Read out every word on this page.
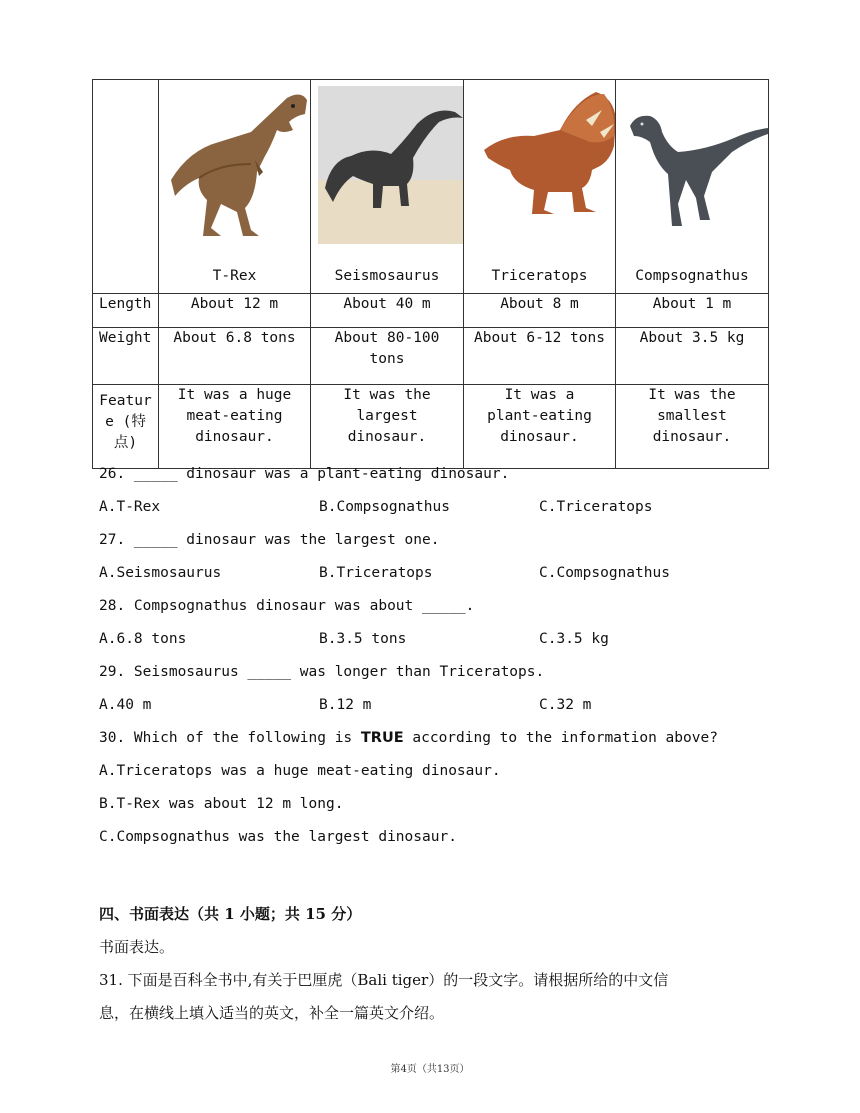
	T-Rex	Seismosaurus	Triceratops	Compsognathus

Length	About 12 m	About 40 m	About 8 m	About 1 m
Weight	About 6.8 tons	About 80-100 tons	About 6-12 tons	About 3.5 kg
Feature (特点)	It was a huge meat-eating dinosaur.	It was the largest dinosaur.	It was a plant-eating dinosaur.	It was the smallest dinosaur.
26. _____ dinosaur was a plant-eating dinosaur.
A.T-Rex	B.Compsognathus	C.Triceratops
27. _____ dinosaur was the largest one.
A.Seismosaurus	B.Triceratops	C.Compsognathus
28. Compsognathus dinosaur was about _____.
A.6.8 tons	B.3.5 tons	C.3.5 kg
29. Seismosaurus _____ was longer than Triceratops.
A.40 m	B.12 m	C.32 m
30. Which of the following is TRUE according to the information above?
A.Triceratops was a huge meat-eating dinosaur.
B.T-Rex was about 12 m long.
C.Compsognathus was the largest dinosaur.
四、书面表达（共 1 小题；共 15 分）
书面表达。
31. 下面是百科全书中,有关于巴厘虎（Bali tiger）的一段文字。请根据所给的中文信
息，在横线上填入适当的英文，补全一篇英文介绍。
第4页（共13页）
